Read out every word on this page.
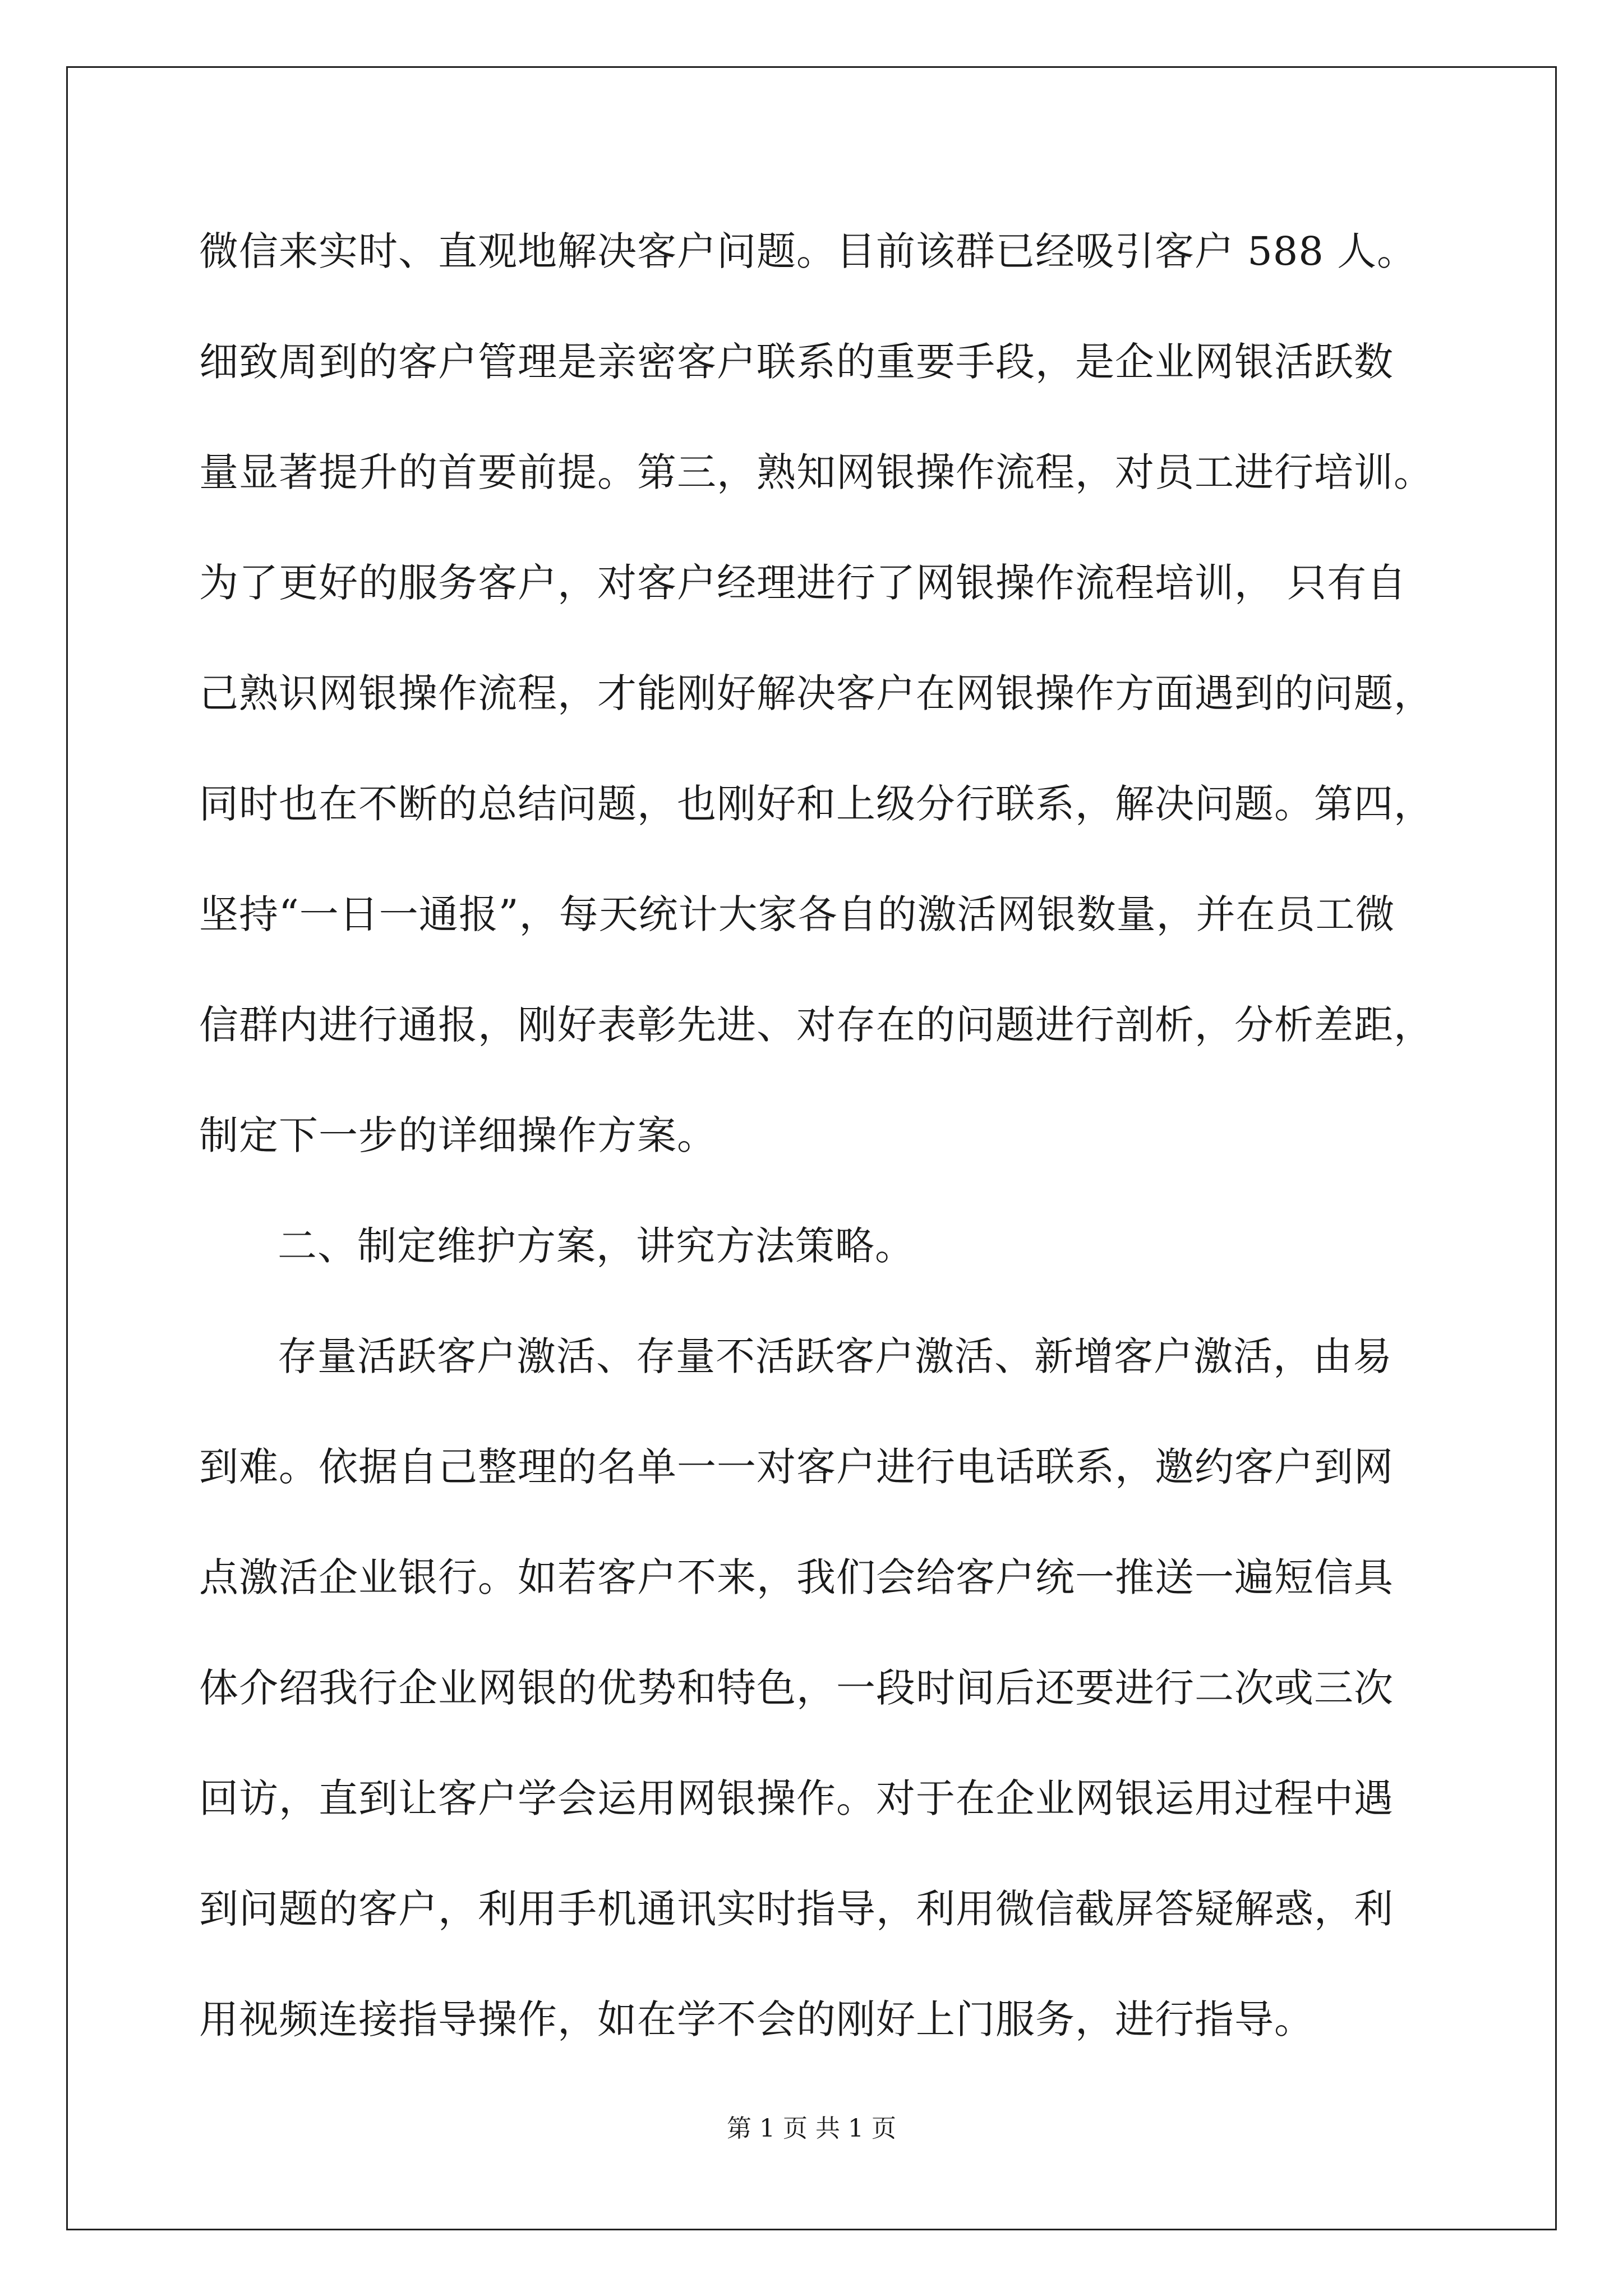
微信来实时、直观地解决客户问题。目前该群已经吸引客户 588 人。
细致周到的客户管理是亲密客户联系的重要手段，是企业网银活跃数
量显著提升的首要前提。第三，熟知网银操作流程，对员工进行培训。
为了更好的服务客户，对客户经理进行了网银操作流程培训， 只有自
己熟识网银操作流程，才能刚好解决客户在网银操作方面遇到的问题，
同时也在不断的总结问题，也刚好和上级分行联系，解决问题。第四，
坚持“一日一通报”，每天统计大家各自的激活网银数量，并在员工微
信群内进行通报，刚好表彰先进、对存在的问题进行剖析，分析差距，
制定下一步的详细操作方案。
二、制定维护方案，讲究方法策略。
存量活跃客户激活、存量不活跃客户激活、新增客户激活，由易
到难。依据自己整理的名单一一对客户进行电话联系，邀约客户到网
点激活企业银行。如若客户不来，我们会给客户统一推送一遍短信具
体介绍我行企业网银的优势和特色，一段时间后还要进行二次或三次
回访，直到让客户学会运用网银操作。对于在企业网银运用过程中遇
到问题的客户，利用手机通讯实时指导，利用微信截屏答疑解惑，利
用视频连接指导操作，如在学不会的刚好上门服务，进行指导。
第 1 页 共 1 页
